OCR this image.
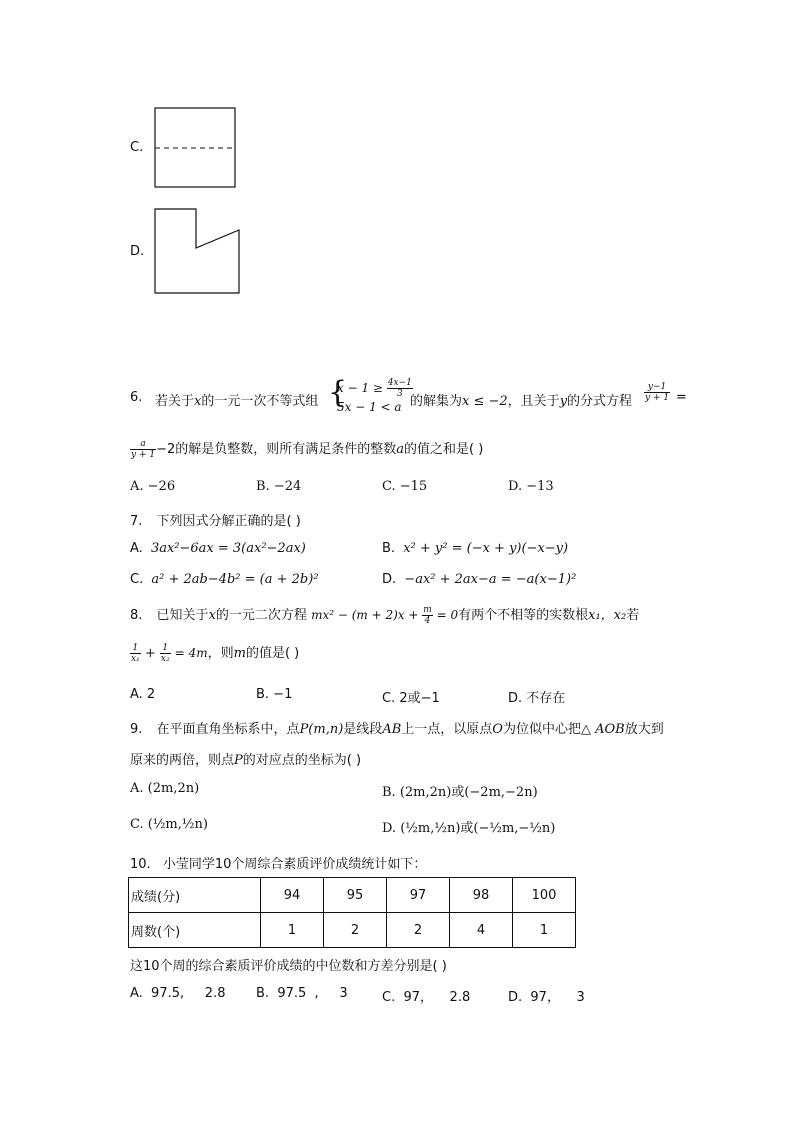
C.
D.
6. 若关于x的一元一次不等式组 {
$x - 1 \ge \frac{4x-1}{3}$
5x − 1 < a 的解集为x ≤ −2，且关于y的分式方程 $\frac{y-1}{y + 1}$ =
$\frac{a}{y + 1} -2$的解是负整数，则所有满足条件的整数a的值之和是( )
A. −26	B. −24	C. −15	D. −13
7. 下列因式分解正确的是( )
A. 3ax²−6ax = 3(ax²−2ax)	B. x² + y² = (−x + y)(−x−y)
C. a² + 2ab−4b² = (a + 2b)²	D. −ax² + 2ax−a = −a(x−1)²
8. 已知关于x的一元二次方程 $mx^2 - (m + 2)x + \frac{m}{4} = 0$有两个不相等的实数根x₁，x₂若
$\frac{1}{\text{x₁}} + \frac{1}{\text{x₂}} = 4m$，则m的值是( )
A. 2	B. −1	C. 2或−1	D. 不存在
9. 在平面直角坐标系中，点P(m,n)是线段AB上一点，以原点O为位似中心把△ AOB放大到
原来的两倍，则点P的对应点的坐标为( )
A. (2m,2n)	B. (2m,2n)或(−2m,−2n)
C. (½m,½n)	D. (½m,½n)或(−½m,−½n)
10. 小莹同学10个周综合素质评价成绩统计如下：
成绩(分)	94	95	97	98	100
周数(个)	1	2	2	4	1
这10个周的综合素质评价成绩的中位数和方差分别是( )
A.  97.5,     2.8 B.  97.5  ,     3	C.  97，    2.8	D.  97，    3
